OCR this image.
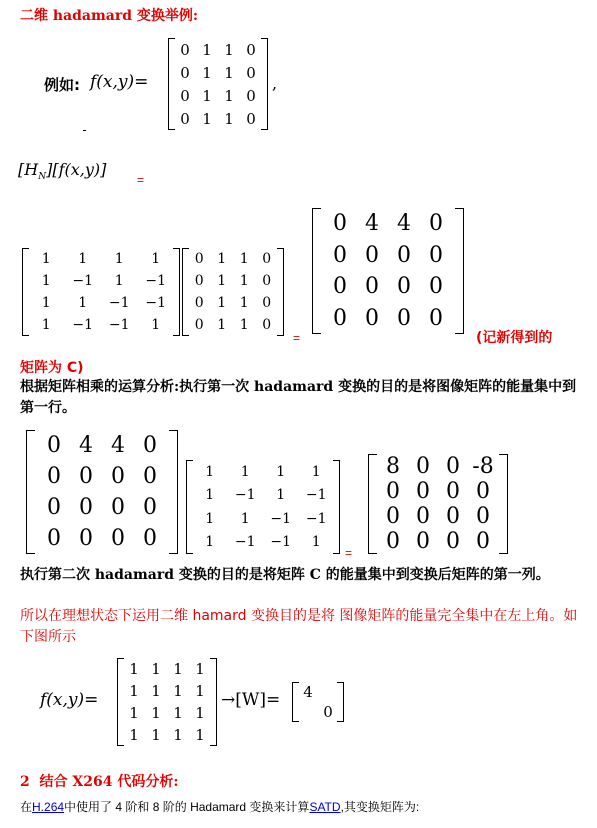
二维 hadamard 变换举例:
例如: f(x,y)=
0 1 1 0
0 1 1 0
0 1 1 0
0 1 1 0
,
$[H_N][f(x,y)]$
=
1	1	1	1
1	−1	1	−1
1	1	−1	−1
1	−1	−1	1
0 1 1 0
0 1 1 0
0 1 1 0
0 1 1 0
=
0 4 4 0
0 0 0 0
0 0 0 0
0 0 0 0
(记新得到的
矩阵为 C)
根据矩阵相乘的运算分析:执行第一次 hadamard 变换的目的是将图像矩阵的能量集中到第一行。
0 4 4 0
0 0 0 0
0 0 0 0
0 0 0 0
1	1	1	1
1	−1	1	−1
1	1	−1	−1
1	−1	−1	1
=
8 0 0 -8
0 0 0 0
0 0 0 0
0 0 0 0
执行第二次 hadamard 变换的目的是将矩阵 C 的能量集中到变换后矩阵的第一列。
所以在理想状态下运用二维 hamard 变换目的是将 图像矩阵的能量完全集中在左上角。如下图所示
f(x,y)=
1 1 1 1
1 1 1 1
1 1 1 1
1 1 1 1
→[W]=	4
0
2 结合 X264 代码分析:
在H.264中使用了 4 阶和 8 阶的 Hadamard 变换来计算SATD,其变换矩阵为:
